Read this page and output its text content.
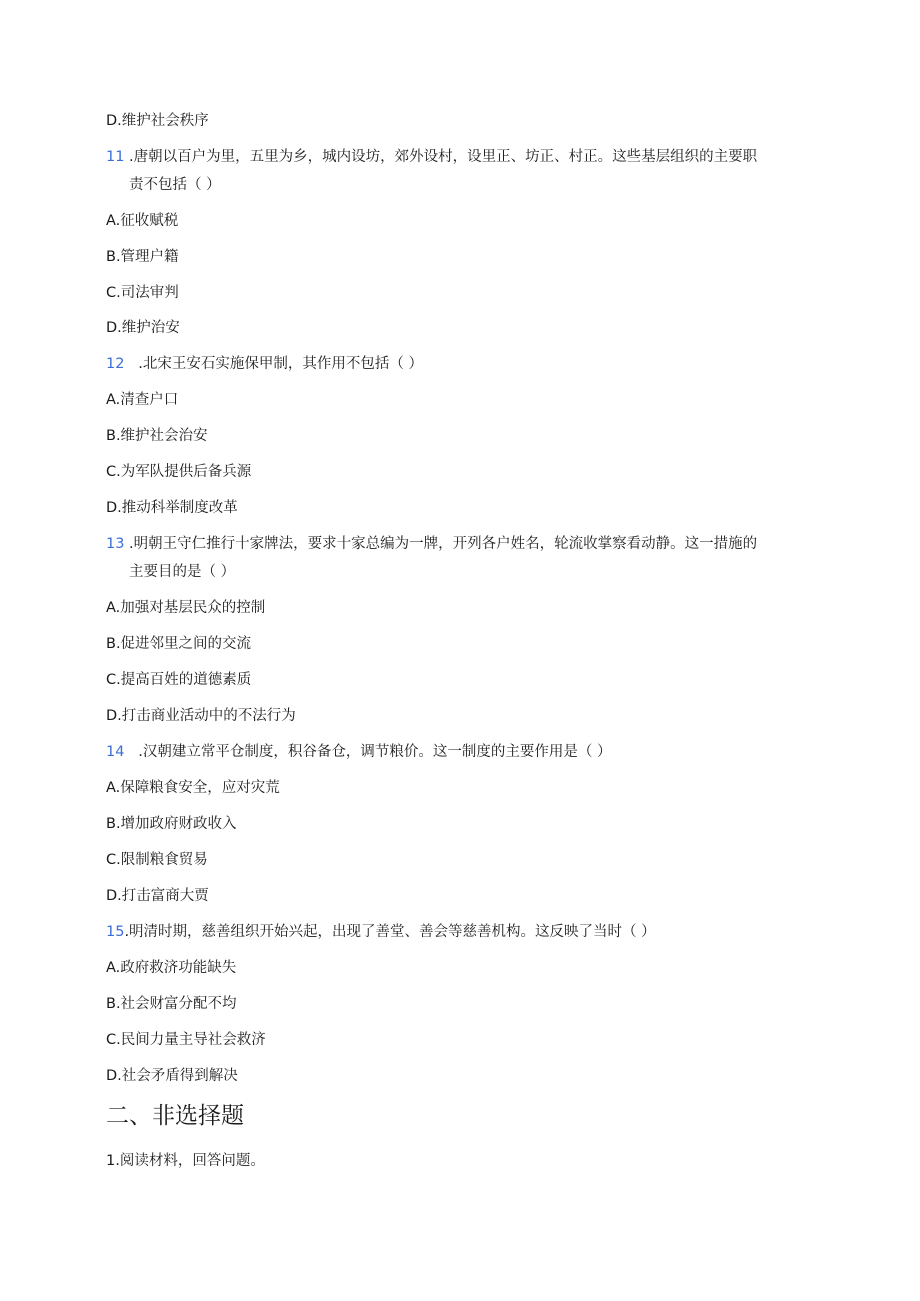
D.维护社会秩序
11 .唐朝以百户为里，五里为乡，城内设坊，郊外设村，设里正、坊正、村正。这些基层组织的主要职
责不包括（ ）
A.征收赋税
B.管理户籍
C.司法审判
D.维护治安
12   .北宋王安石实施保甲制，其作用不包括（ ）
A.清查户口
B.维护社会治安
C.为军队提供后备兵源
D.推动科举制度改革
13 .明朝王守仁推行十家牌法，要求十家总编为一牌，开列各户姓名，轮流收掌察看动静。这一措施的
主要目的是（ ）
A.加强对基层民众的控制
B.促进邻里之间的交流
C.提高百姓的道德素质
D.打击商业活动中的不法行为
14   .汉朝建立常平仓制度，积谷备仓，调节粮价。这一制度的主要作用是（ ）
A.保障粮食安全，应对灾荒
B.增加政府财政收入
C.限制粮食贸易
D.打击富商大贾
15.明清时期，慈善组织开始兴起，出现了善堂、善会等慈善机构。这反映了当时（ ）
A.政府救济功能缺失
B.社会财富分配不均
C.民间力量主导社会救济
D.社会矛盾得到解决
二、非选择题
1.阅读材料，回答问题。
